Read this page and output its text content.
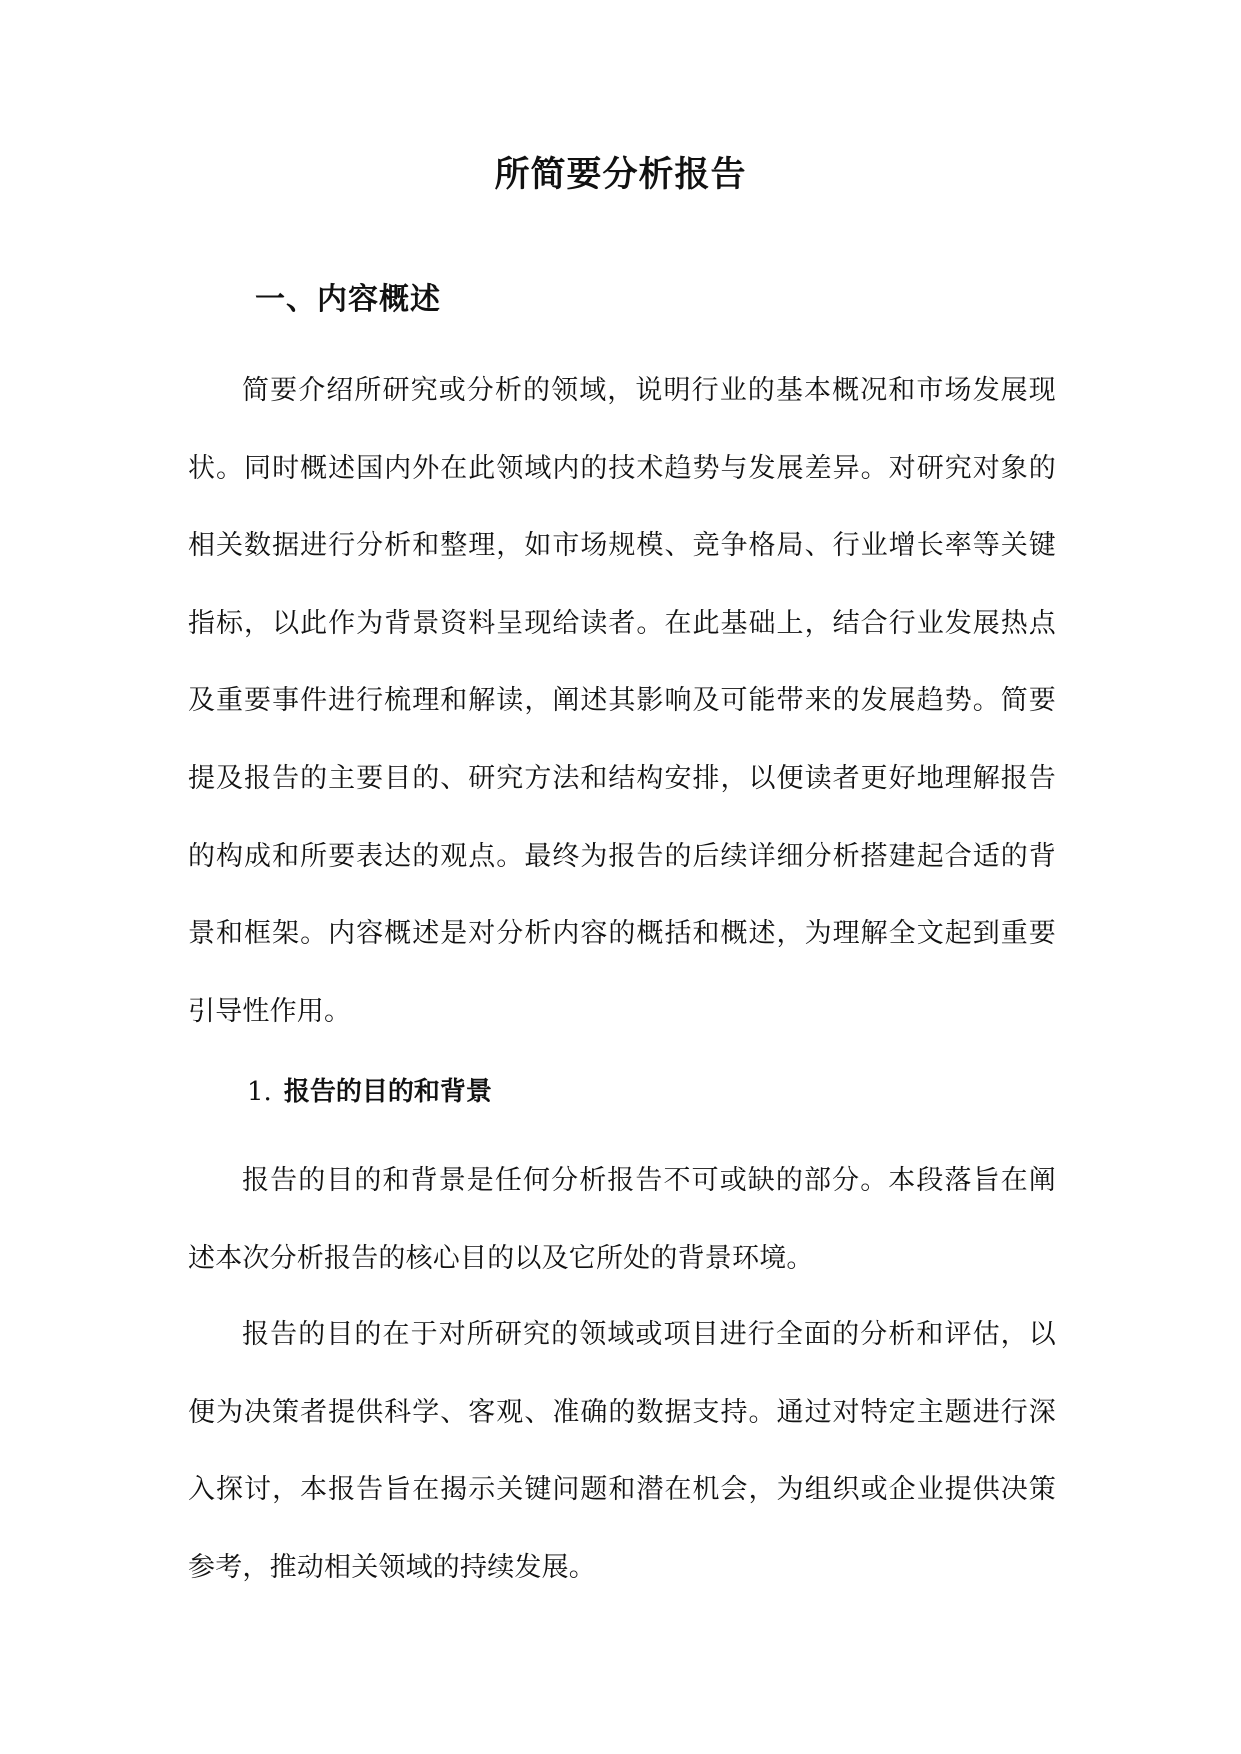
所简要分析报告
一、内容概述

简要介绍所研究或分析的领域，说明行业的基本概况和市场发展现状。同时概述国内外在此领域内的技术趋势与发展差异。对研究对象的相关数据进行分析和整理，如市场规模、竞争格局、行业增长率等关键指标，以此作为背景资料呈现给读者。在此基础上，结合行业发展热点及重要事件进行梳理和解读，阐述其影响及可能带来的发展趋势。简要提及报告的主要目的、研究方法和结构安排，以便读者更好地理解报告的构成和所要表达的观点。最终为报告的后续详细分析搭建起合适的背景和框架。内容概述是对分析内容的概括和概述，为理解全文起到重要引导性作用。

1. 报告的目的和背景

报告的目的和背景是任何分析报告不可或缺的部分。本段落旨在阐述本次分析报告的核心目的以及它所处的背景环境。

报告的目的在于对所研究的领域或项目进行全面的分析和评估，以便为决策者提供科学、客观、准确的数据支持。通过对特定主题进行深入探讨，本报告旨在揭示关键问题和潜在机会，为组织或企业提供决策参考，推动相关领域的持续发展。
